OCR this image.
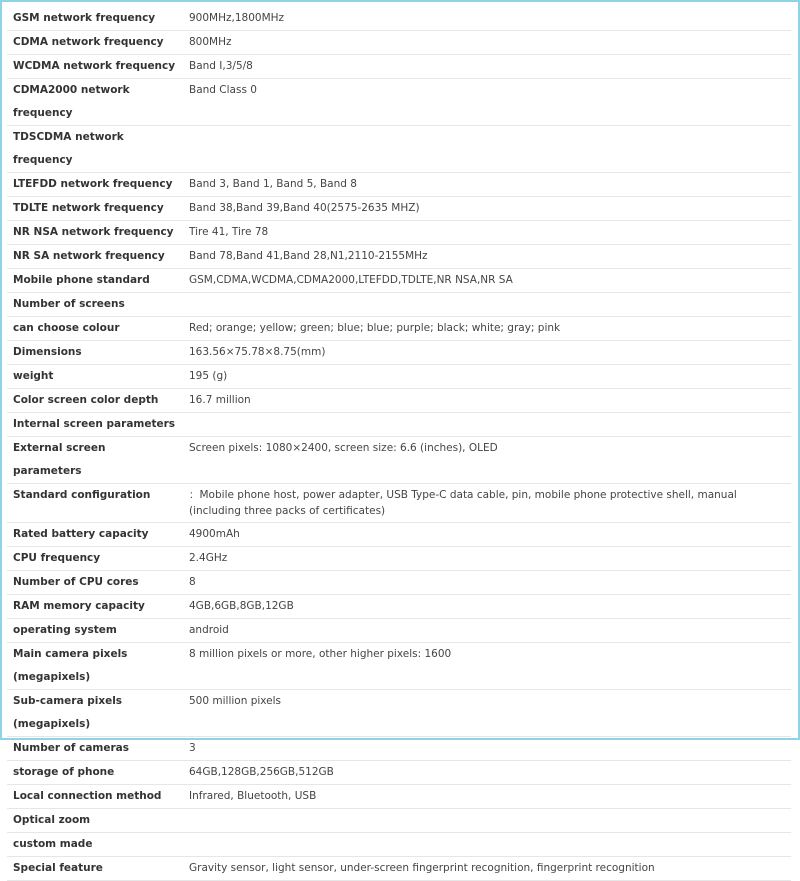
GSM network frequency	900MHz,1800MHz
CDMA network frequency	800MHz
WCDMA network frequency	Band I,3/5/8
CDMA2000 network frequency	Band Class 0
TDSCDMA network frequency	
LTEFDD network frequency	Band 3, Band 1, Band 5, Band 8
TDLTE network frequency	Band 38,Band 39,Band 40(2575-2635 MHZ)
NR NSA network frequency	Tire 41, Tire 78
NR SA network frequency	Band 78,Band 41,Band 28,N1,2110-2155MHz
Mobile phone standard	GSM,CDMA,WCDMA,CDMA2000,LTEFDD,TDLTE,NR NSA,NR SA
Number of screens	
can choose colour	Red; orange; yellow; green; blue; blue; purple; black; white; gray; pink
Dimensions	163.56×75.78×8.75(mm)
weight	195 (g)
Color screen color depth	16.7 million
Internal screen parameters	
External screen parameters	Screen pixels: 1080×2400, screen size: 6.6 (inches), OLED
Standard configuration	：Mobile phone host, power adapter, USB Type-C data cable, pin, mobile phone protective shell, manual (including three packs of certificates)
Rated battery capacity	4900mAh
CPU frequency	2.4GHz
Number of CPU cores	8
RAM memory capacity	4GB,6GB,8GB,12GB
operating system	android
Main camera pixels (megapixels)	8 million pixels or more, other higher pixels: 1600
Sub-camera pixels (megapixels)	500 million pixels
Number of cameras	3
storage of phone	64GB,128GB,256GB,512GB
Local connection method	Infrared, Bluetooth, USB
Optical zoom	
custom made	
Special feature	Gravity sensor, light sensor, under-screen fingerprint recognition, fingerprint recognition
